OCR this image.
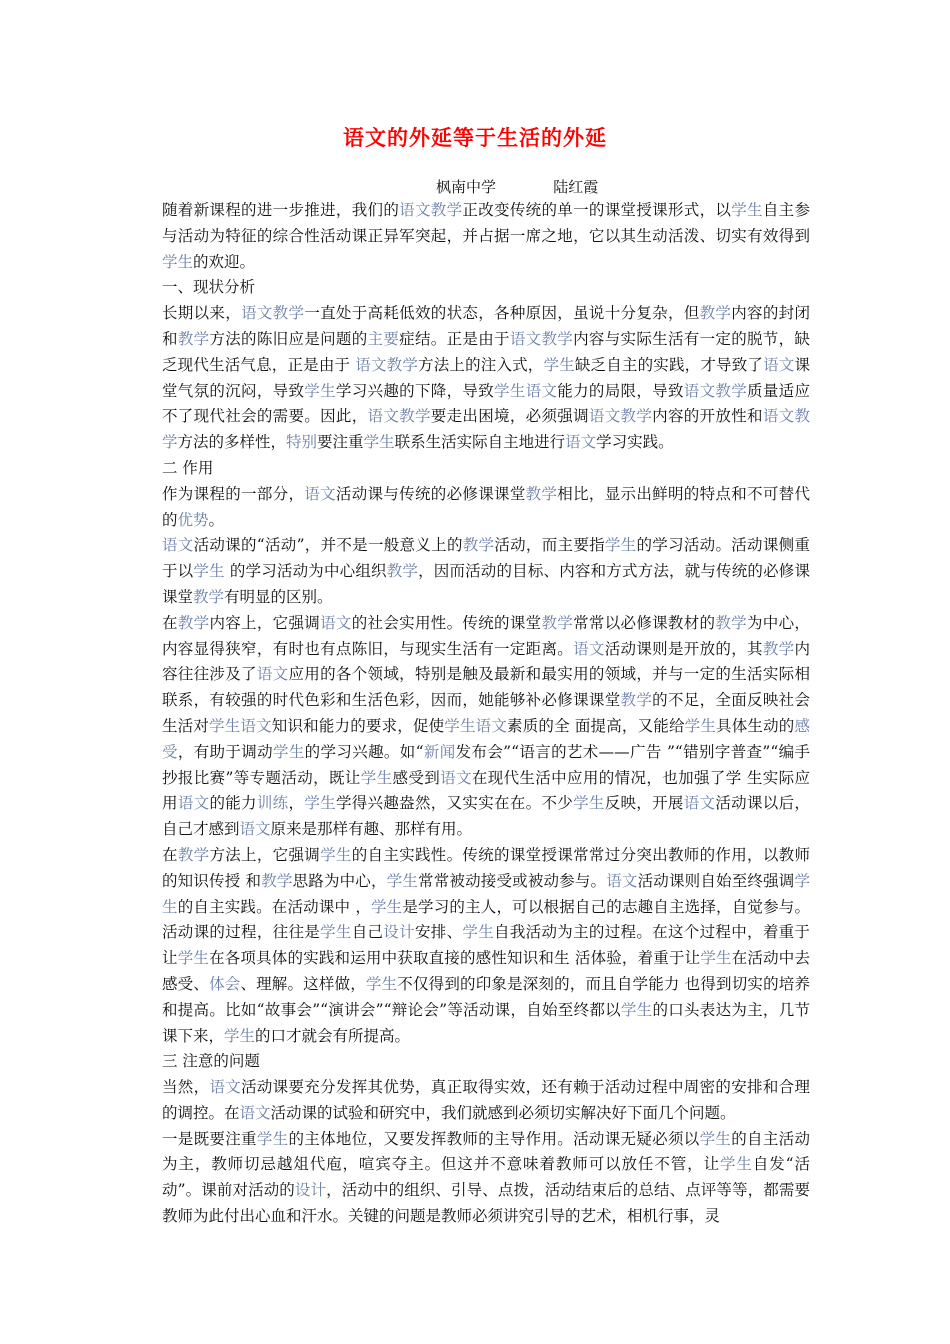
语文的外延等于生活的外延
枫南中学	陆红霞

随着新课程的进一步推进，我们的语文教学正改变传统的单一的课堂授课形式，以学生自主参与活动为特征的综合性活动课正异军突起，并占据一席之地，它以其生动活泼、切实有效得到学生的欢迎。

一、现状分析

长期以来，语文教学一直处于高耗低效的状态，各种原因，虽说十分复杂，但教学内容的封闭和教学方法的陈旧应是问题的主要症结。正是由于语文教学内容与实际生活有一定的脱节，缺乏现代生活气息，正是由于 语文教学方法上的注入式，学生缺乏自主的实践，才导致了语文课堂气氛的沉闷，导致学生学习兴趣的下降，导致学生语文能力的局限，导致语文教学质量适应不了现代社会的需要。因此，语文教学要走出困境，必须强调语文教学内容的开放性和语文教学方法的多样性，特别要注重学生联系生活实际自主地进行语文学习实践。

二 作用

作为课程的一部分，语文活动课与传统的必修课课堂教学相比，显示出鲜明的特点和不可替代的优势。

语文活动课的“活动”，并不是一般意义上的教学活动，而主要指学生的学习活动。活动课侧重于以学生 的学习活动为中心组织教学，因而活动的目标、内容和方式方法，就与传统的必修课课堂教学有明显的区别。

在教学内容上，它强调语文的社会实用性。传统的课堂教学常常以必修课教材的教学为中心，内容显得狭窄，有时也有点陈旧，与现实生活有一定距离。语文活动课则是开放的，其教学内容往往涉及了语文应用的各个领域，特别是触及最新和最实用的领域，并与一定的生活实际相联系，有较强的时代色彩和生活色彩，因而，她能够补必修课课堂教学的不足，全面反映社会生活对学生语文知识和能力的要求，促使学生语文素质的全 面提高，又能给学生具体生动的感受，有助于调动学生的学习兴趣。如“新闻发布会”“语言的艺术——广告 ”“错别字普查”“编手抄报比赛”等专题活动，既让学生感受到语文在现代生活中应用的情况，也加强了学 生实际应用语文的能力训练，学生学得兴趣盎然，又实实在在。不少学生反映，开展语文活动课以后，自己才感到语文原来是那样有趣、那样有用。

在教学方法上，它强调学生的自主实践性。传统的课堂授课常常过分突出教师的作用，以教师的知识传授 和教学思路为中心，学生常常被动接受或被动参与。语文活动课则自始至终强调学生的自主实践。在活动课中 ，学生是学习的主人，可以根据自己的志趣自主选择，自觉参与。活动课的过程，往往是学生自己设计安排、学生自我活动为主的过程。在这个过程中，着重于让学生在各项具体的实践和运用中获取直接的感性知识和生 活体验，着重于让学生在活动中去感受、体会、理解。这样做，学生不仅得到的印象是深刻的，而且自学能力 也得到切实的培养和提高。比如“故事会”“演讲会”“辩论会”等活动课，自始至终都以学生的口头表达为主，几节课下来，学生的口才就会有所提高。

三 注意的问题

当然，语文活动课要充分发挥其优势，真正取得实效，还有赖于活动过程中周密的安排和合理的调控。在语文活动课的试验和研究中，我们就感到必须切实解决好下面几个问题。

一是既要注重学生的主体地位，又要发挥教师的主导作用。活动课无疑必须以学生的自主活动为主，教师切忌越俎代庖，喧宾夺主。但这并不意味着教师可以放任不管，让学生自发“活动”。课前对活动的设计，活动中的组织、引导、点拨，活动结束后的总结、点评等等，都需要教师为此付出心血和汗水。关键的问题是教师必须讲究引导的艺术，相机行事，灵
